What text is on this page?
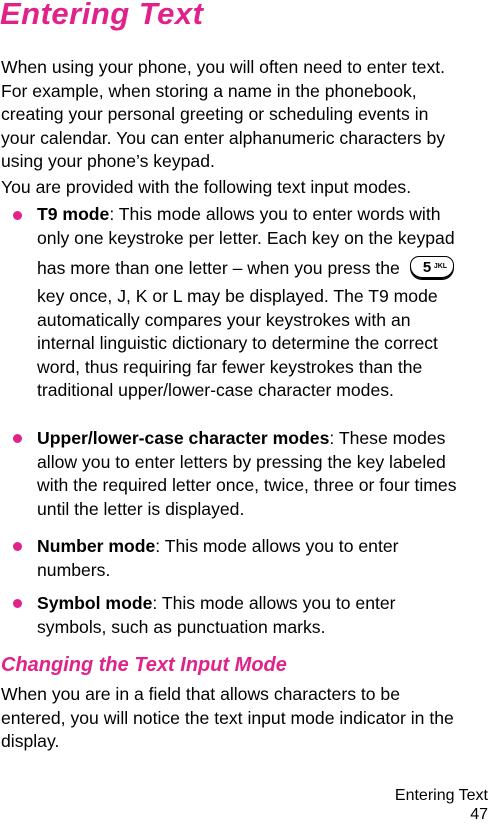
Entering Text
When using your phone, you will often need to enter text.
For example, when storing a name in the phonebook,
creating your personal greeting or scheduling events in
your calendar. You can enter alphanumeric characters by
using your phone’s keypad.
You are provided with the following text input modes.
T9 mode: This mode allows you to enter words with
only one keystroke per letter. Each key on the keypad
has more than one letter – when you press the 5 JKL
key once, J, K or L may be displayed. The T9 mode
automatically compares your keystrokes with an
internal linguistic dictionary to determine the correct
word, thus requiring far fewer keystrokes than the
traditional upper/lower-case character modes.
Upper/lower-case character modes: These modes
allow you to enter letters by pressing the key labeled
with the required letter once, twice, three or four times
until the letter is displayed.
Number mode: This mode allows you to enter
numbers.
Symbol mode: This mode allows you to enter
symbols, such as punctuation marks.
Changing the Text Input Mode
When you are in a field that allows characters to be
entered, you will notice the text input mode indicator in the
display.
Entering Text
47
